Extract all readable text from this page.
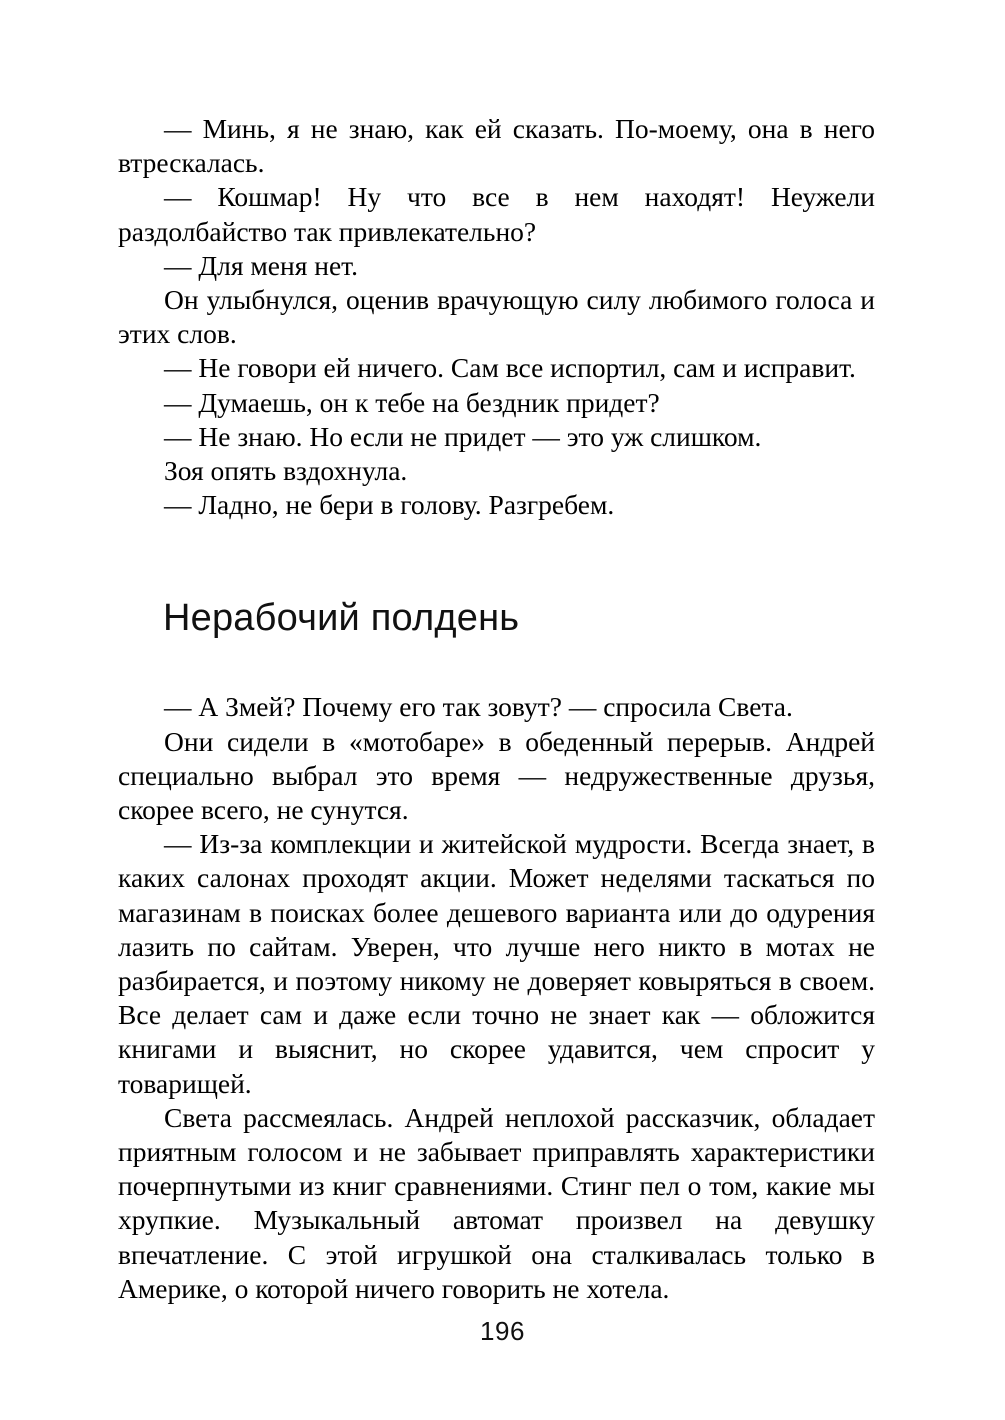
— Минь, я не знаю, как ей сказать. По-моему, она в него втрескалась.

— Кошмар! Ну что все в нем находят! Неужели раздолбайство так привлекательно?

— Для меня нет.

Он улыбнулся, оценив врачующую силу любимого голоса и этих слов.

— Не говори ей ничего. Сам все испортил, сам и исправит.

— Думаешь, он к тебе на бездник придет?

— Не знаю. Но если не придет — это уж слишком.

Зоя опять вздохнула.

— Ладно, не бери в голову. Разгребем.

Нерабочий полдень

— А Змей? Почему его так зовут? — спросила Света.

Они сидели в «мотобаре» в обеденный перерыв. Андрей специально выбрал это время — недружественные друзья, скорее всего, не сунутся.

— Из-за комплекции и житейской мудрости. Всегда знает, в каких салонах проходят акции. Может неделями таскаться по магазинам в поисках более дешевого варианта или до одурения лазить по сайтам. Уверен, что лучше него никто в мотах не разбирается, и поэтому никому не доверяет ковыряться в своем. Все делает сам и даже если точно не знает как — обложится книгами и выяснит, но скорее удавится, чем спросит у товарищей.

Света рассмеялась. Андрей неплохой рассказчик, обладает приятным голосом и не забывает приправлять характеристики почерпнутыми из книг сравнениями. Стинг пел о том, какие мы хрупкие. Музыкальный автомат произвел на девушку впечатление. С этой игрушкой она сталкивалась только в Америке, о которой ничего говорить не хотела.

196
